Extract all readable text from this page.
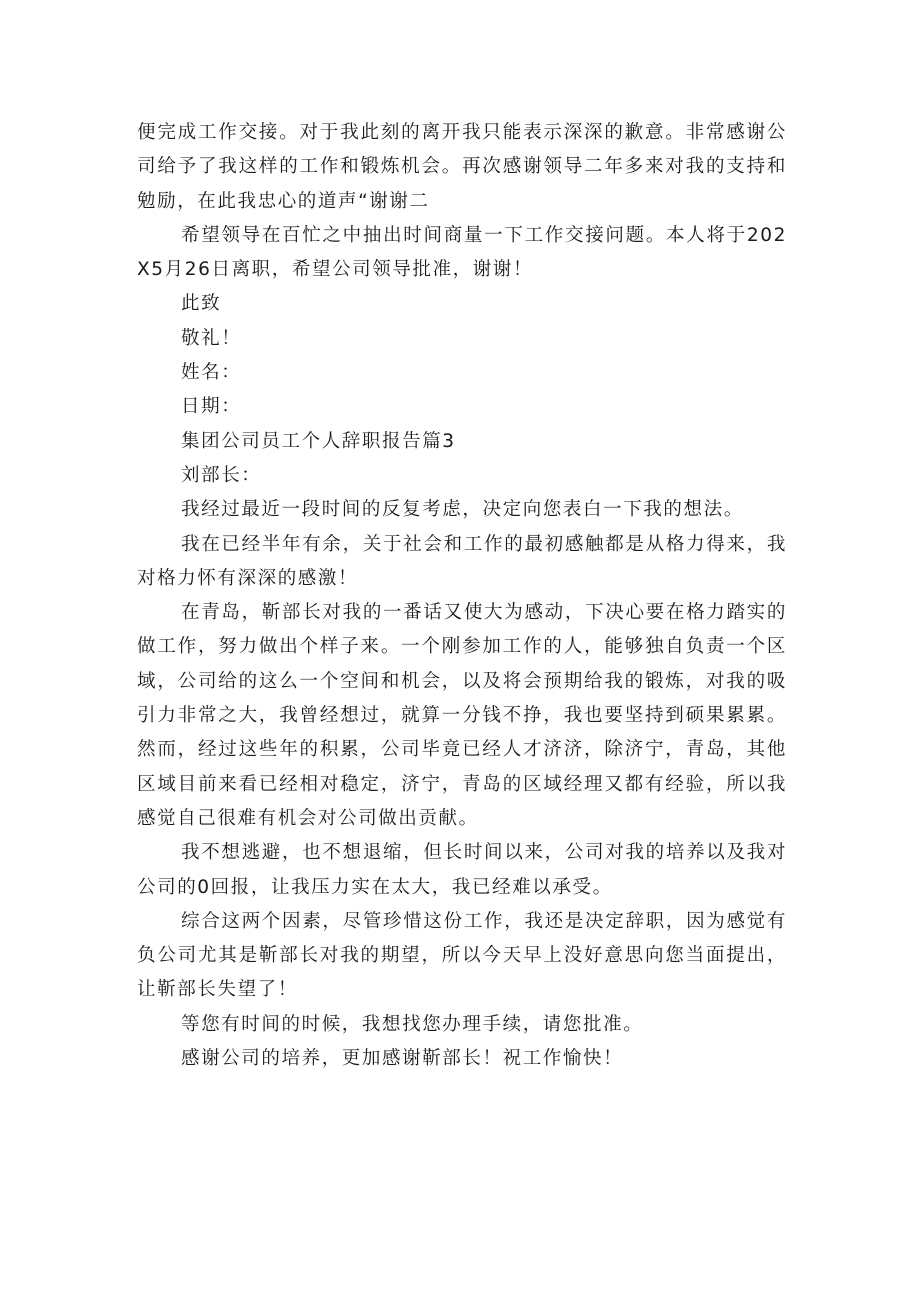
便完成工作交接。对于我此刻的离开我只能表示深深的歉意。非常感谢公司给予了我这样的工作和锻炼机会。再次感谢领导二年多来对我的支持和勉励，在此我忠心的道声“谢谢二

希望领导在百忙之中抽出时间商量一下工作交接问题。本人将于202X5月26日离职，希望公司领导批准，谢谢！

此致

敬礼！

姓名：

日期：

集团公司员工个人辞职报告篇3

刘部长：

我经过最近一段时间的反复考虑，决定向您表白一下我的想法。

我在已经半年有余，关于社会和工作的最初感触都是从格力得来，我对格力怀有深深的感激！

在青岛，靳部长对我的一番话又使大为感动，下决心要在格力踏实的做工作，努力做出个样子来。一个刚参加工作的人，能够独自负责一个区域，公司给的这么一个空间和机会，以及将会预期给我的锻炼，对我的吸引力非常之大，我曾经想过，就算一分钱不挣，我也要坚持到硕果累累。然而，经过这些年的积累，公司毕竟已经人才济济，除济宁，青岛，其他区域目前来看已经相对稳定，济宁，青岛的区域经理又都有经验，所以我感觉自己很难有机会对公司做出贡献。

我不想逃避，也不想退缩，但长时间以来，公司对我的培养以及我对公司的0回报，让我压力实在太大，我已经难以承受。

综合这两个因素，尽管珍惜这份工作，我还是决定辞职，因为感觉有负公司尤其是靳部长对我的期望，所以今天早上没好意思向您当面提出，让靳部长失望了！

等您有时间的时候，我想找您办理手续，请您批准。

感谢公司的培养，更加感谢靳部长！祝工作愉快！
